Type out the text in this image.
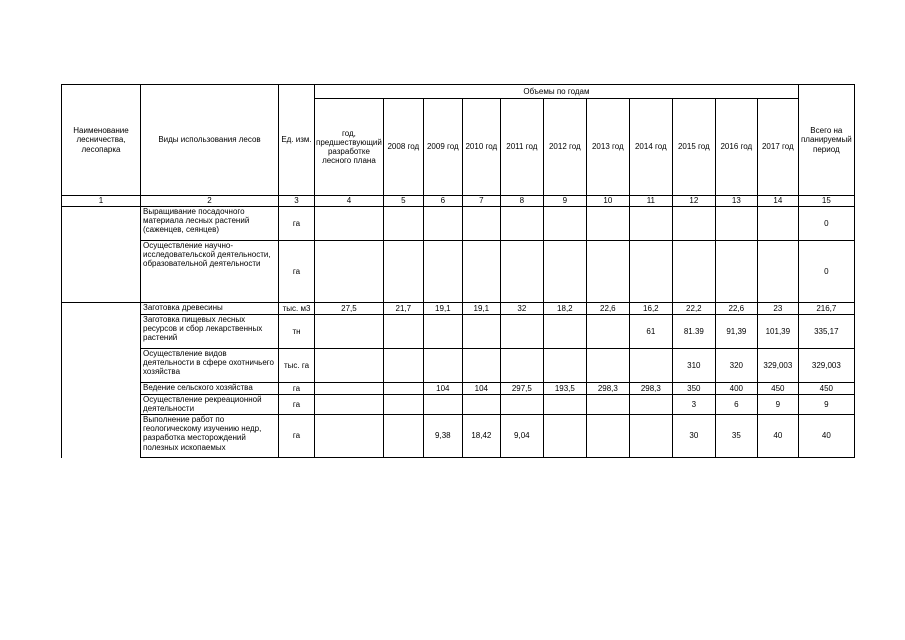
Наименование лесничества, лесопарка	Виды использования лесов	Ед. изм.	Объемы по годам											Всего на планируемый период
			год, предшествующий разработке лесного плана	2008 год	2009 год	2010 год	2011 год	2012 год	2013 год	2014 год	2015 год	2016 год	2017 год	
1	2	3	4	5	6	7	8	9	10	11	12	13	14	15
	Выращивание посадочного материала лесных растений (саженцев, сеянцев)	га												0
	Осуществление научно-исследовательской деятельности, образовательной деятельности	га												0
	Заготовка древесины	тыс. м3	27,5	21,7	19,1	19,1	32	18,2	22,6	16,2	22,2	22,6	23	216,7
	Заготовка пищевых лесных ресурсов и сбор лекарственных растений	тн								61	81.39	91,39	101,39	335,17
	Осуществление видов деятельности в сфере охотничьего хозяйства	тыс. га									310	320	329,003	329,003
	Ведение сельского хозяйства	га			104	104	297,5	193,5	298,3	298,3	350	400	450	450
	Осуществление рекреационной деятельности	га									3	6	9	9
	Выполнение работ по геологическому изучению недр, разработка месторождений полезных ископаемых	га			9,38	18,42	9,04				30	35	40	40
